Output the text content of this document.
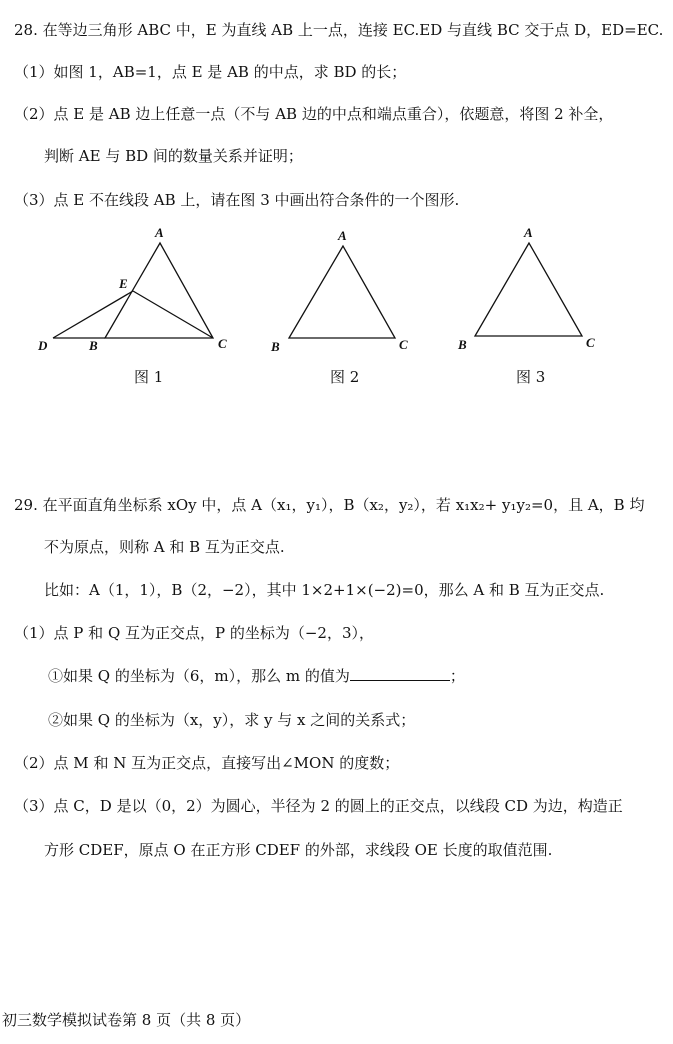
28. 在等边三角形 ABC 中，E 为直线 AB 上一点，连接 EC.ED 与直线 BC 交于点 D，ED=EC.
（1）如图 1，AB=1，点 E 是 AB 的中点，求 BD 的长；
（2）点 E 是 AB 边上任意一点（不与 AB 边的中点和端点重合），依题意，将图 2 补全，
判断 AE 与 BD 间的数量关系并证明；
（3）点 E 不在线段 AB 上，请在图 3 中画出符合条件的一个图形.
A
E
D	B	C
A
B	C
A
B	C
图 1	图 2	图 3
29. 在平面直角坐标系 xOy 中，点 A（x₁，y₁），B（x₂，y₂），若 x₁x₂+ y₁y₂=0，且 A，B 均
不为原点，则称 A 和 B 互为正交点.
比如：A（1，1），B（2，−2），其中 1×2+1×(−2)=0，那么 A 和 B 互为正交点.
（1）点 P 和 Q 互为正交点，P 的坐标为（−2，3），
①如果 Q 的坐标为（6，m），那么 m 的值为	；
②如果 Q 的坐标为（x，y），求 y 与 x 之间的关系式；
（2）点 M 和 N 互为正交点，直接写出∠MON 的度数；
（3）点 C，D 是以（0，2）为圆心，半径为 2 的圆上的正交点，以线段 CD 为边，构造正
方形 CDEF，原点 O 在正方形 CDEF 的外部，求线段 OE 长度的取值范围.
初三数学模拟试卷第 8 页（共 8 页）
